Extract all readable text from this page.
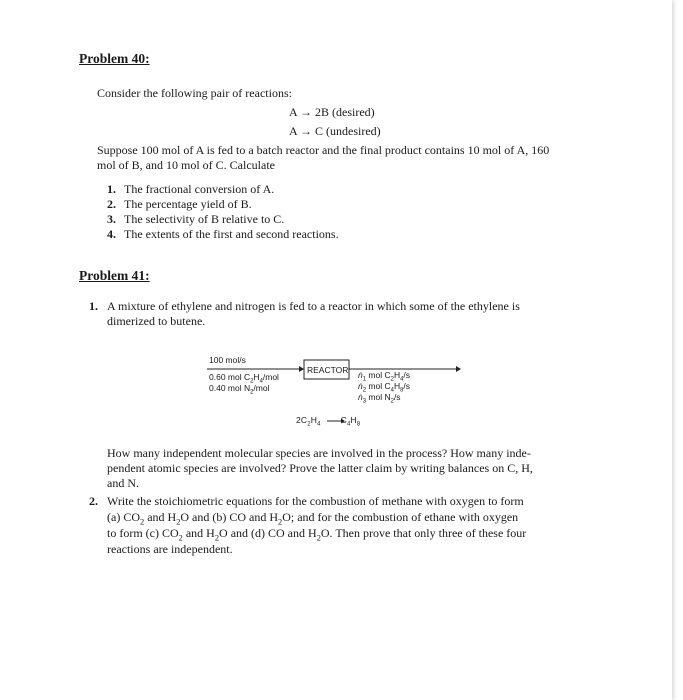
Problem 40:
Consider the following pair of reactions:
A → 2B (desired)
A → C (undesired)
Suppose 100 mol of A is fed to a batch reactor and the final product contains 10 mol of A, 160
mol of B, and 10 mol of C. Calculate
1. The fractional conversion of A.
2. The percentage yield of B.
3. The selectivity of B relative to C.
4. The extents of the first and second reactions.
Problem 41:
1. A mixture of ethylene and nitrogen is fed to a reactor in which some of the ethylene is
dimerized to butene.
100 mol/s
0.60 mol $C_2H_4$/mol
0.40 mol $N_2$/mol
REACTOR ṅ$_1$ mol $C_2H_4/s$
ṅ$_2$ mol $C_4H_8/s$
ṅ$_3$ mol $N_2/s$
$2C_2H_4$ $C_4H_8$
How many independent molecular species are involved in the process? How many inde-
pendent atomic species are involved? Prove the latter claim by writing balances on C, H,
and N.
2. Write the stoichiometric equations for the combustion of methane with oxygen to form
(a) $CO_2$ and $H_2O$ and (b) CO and $H_2O$; and for the combustion of ethane with oxygen
to form (c) $CO_2$ and $H_2O$ and (d) CO and $H_2O$. Then prove that only three of these four
reactions are independent.
